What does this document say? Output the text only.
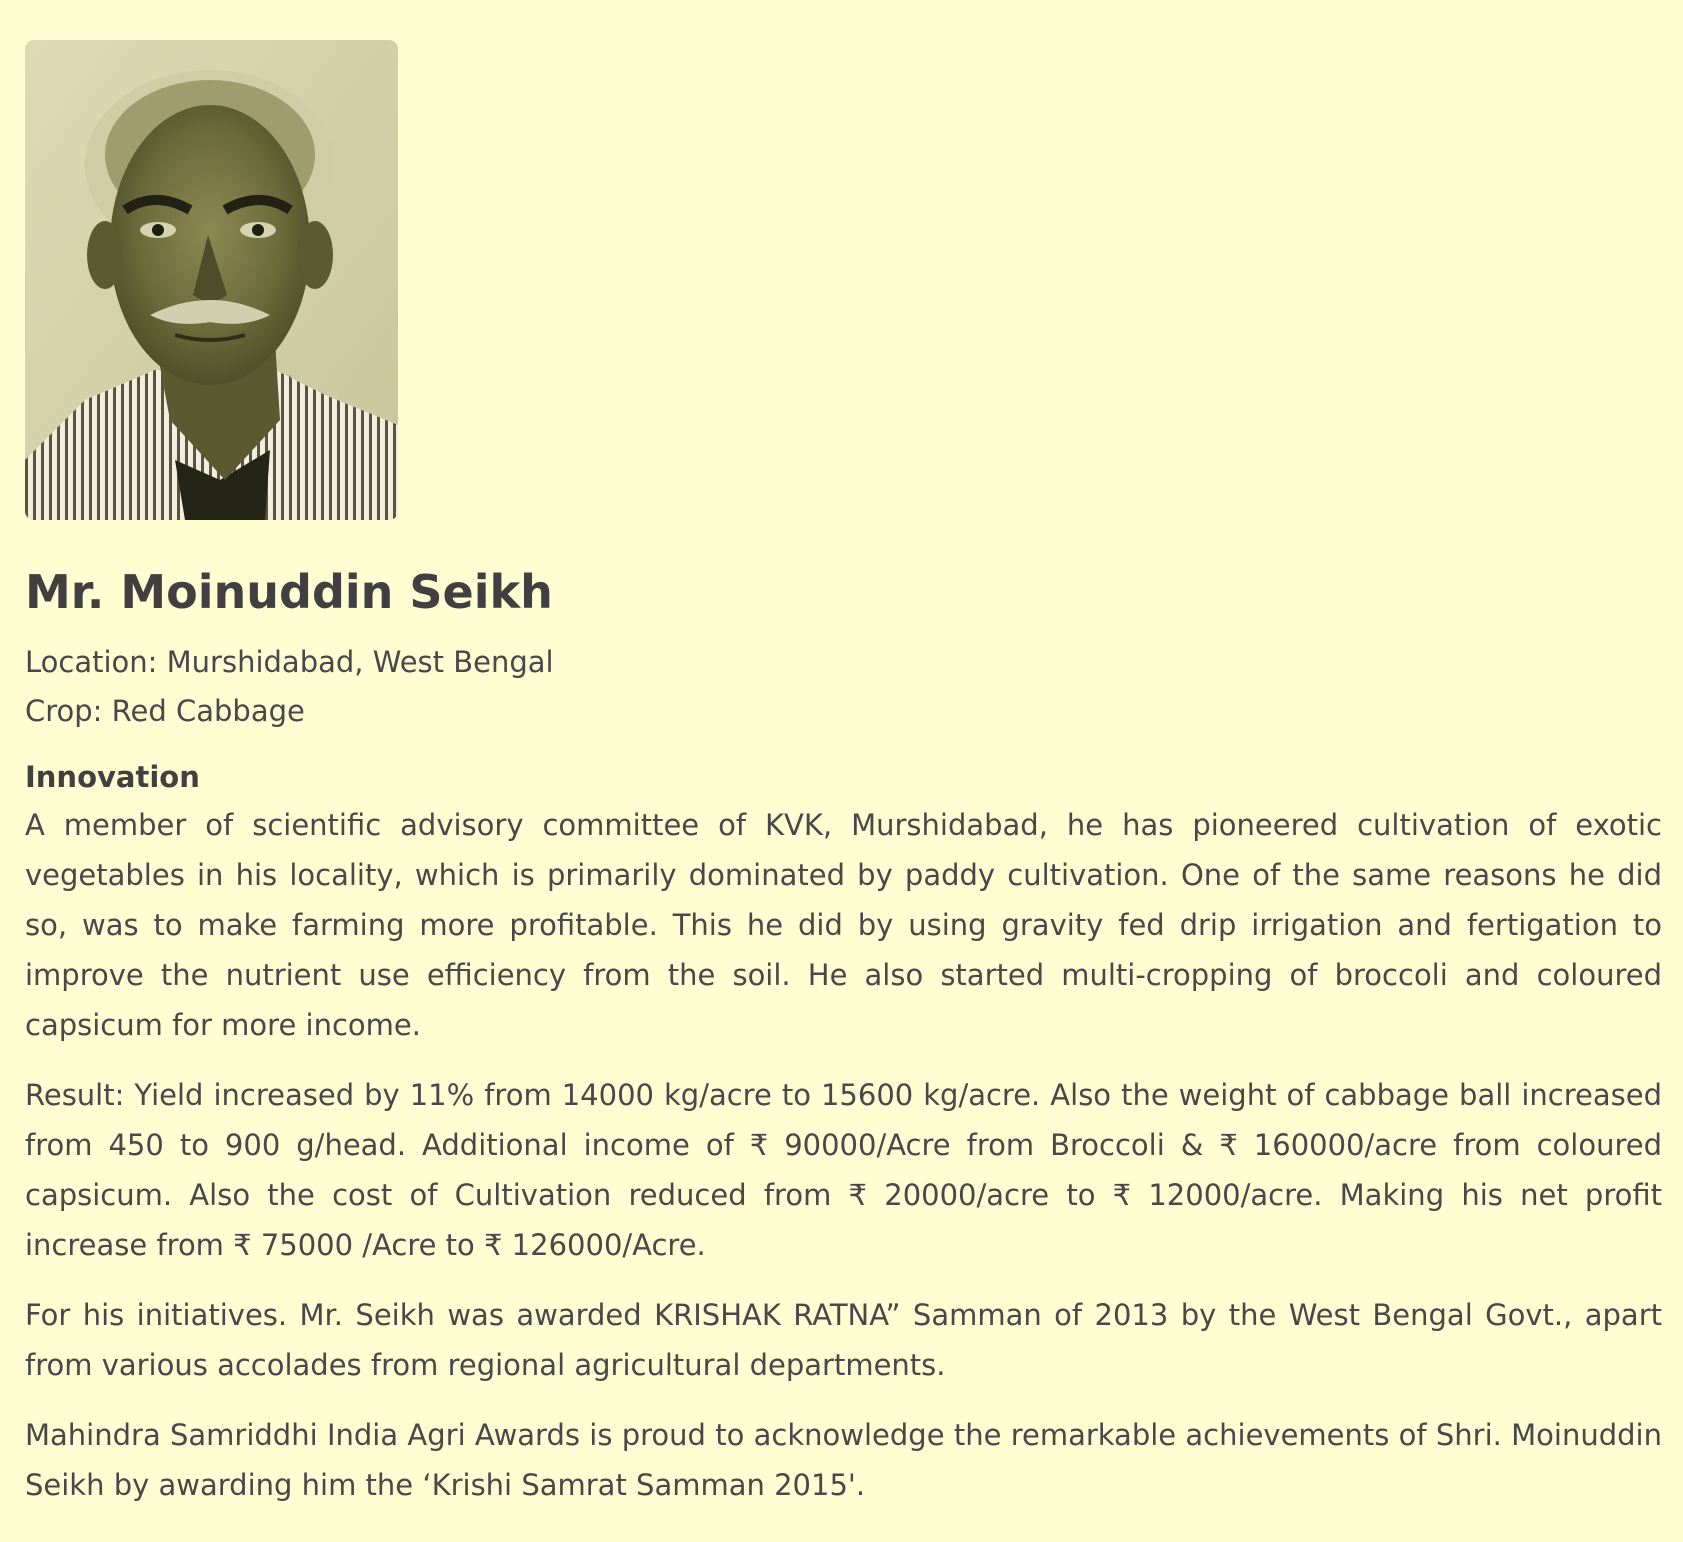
Mr. Moinuddin Seikh
Location: Murshidabad, West Bengal
Crop: Red Cabbage
Innovation

A member of scientific advisory committee of KVK, Murshidabad, he has pioneered cultivation of exotic vegetables in his locality, which is primarily dominated by paddy cultivation. One of the same reasons he did so, was to make farming more profitable. This he did by using gravity fed drip irrigation and fertigation to improve the nutrient use efficiency from the soil. He also started multi-cropping of broccoli and coloured capsicum for more income.

Result: Yield increased by 11% from 14000 kg/acre to 15600 kg/acre. Also the weight of cabbage ball increased from 450 to 900 g/head. Additional income of ₹ 90000/Acre from Broccoli & ₹ 160000/acre from coloured capsicum. Also the cost of Cultivation reduced from ₹ 20000/acre to ₹ 12000/acre. Making his net profit increase from ₹ 75000 /Acre to ₹ 126000/Acre.

For his initiatives. Mr. Seikh was awarded KRISHAK RATNA” Samman of 2013 by the West Bengal Govt., apart from various accolades from regional agricultural departments.

Mahindra Samriddhi India Agri Awards is proud to acknowledge the remarkable achievements of Shri. Moinuddin Seikh by awarding him the ‘Krishi Samrat Samman 2015'.
